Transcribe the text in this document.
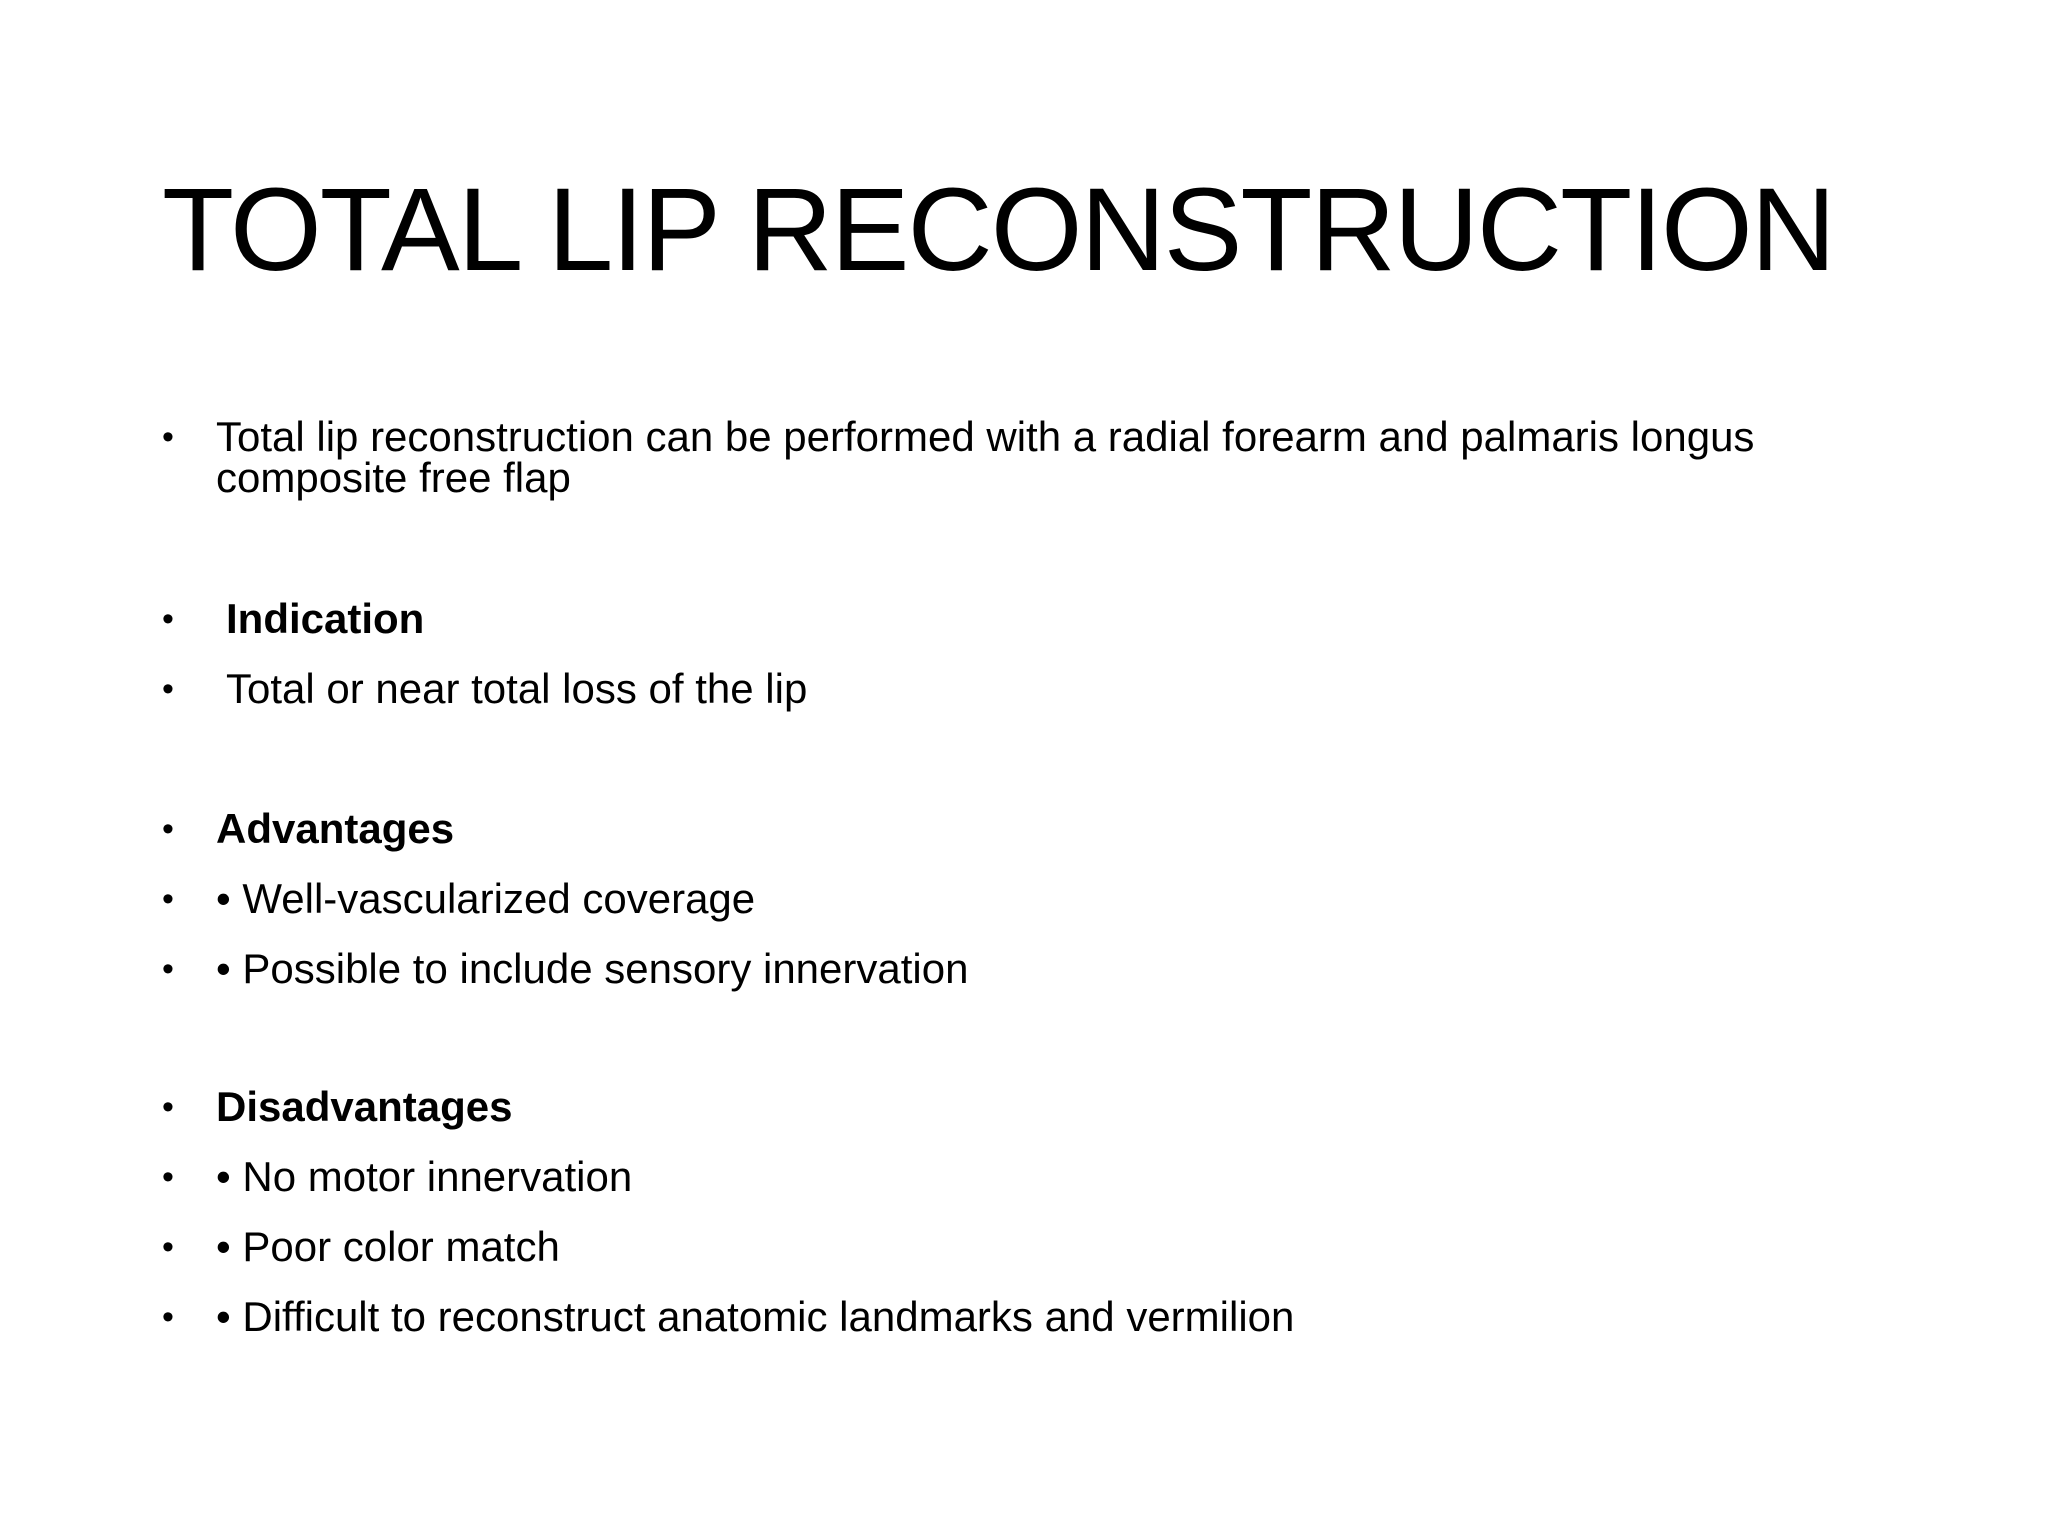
TOTAL LIP RECONSTRUCTION
•	Total lip reconstruction can be performed with a radial forearm and palmaris longus composite free flap
•	Indication
•	Total or near total loss of the lip
•	Advantages
•	• Well-vascularized coverage
•	• Possible to include sensory innervation
•	Disadvantages
•	• No motor innervation
•	• Poor color match
•	• Difficult to reconstruct anatomic landmarks and vermilion
